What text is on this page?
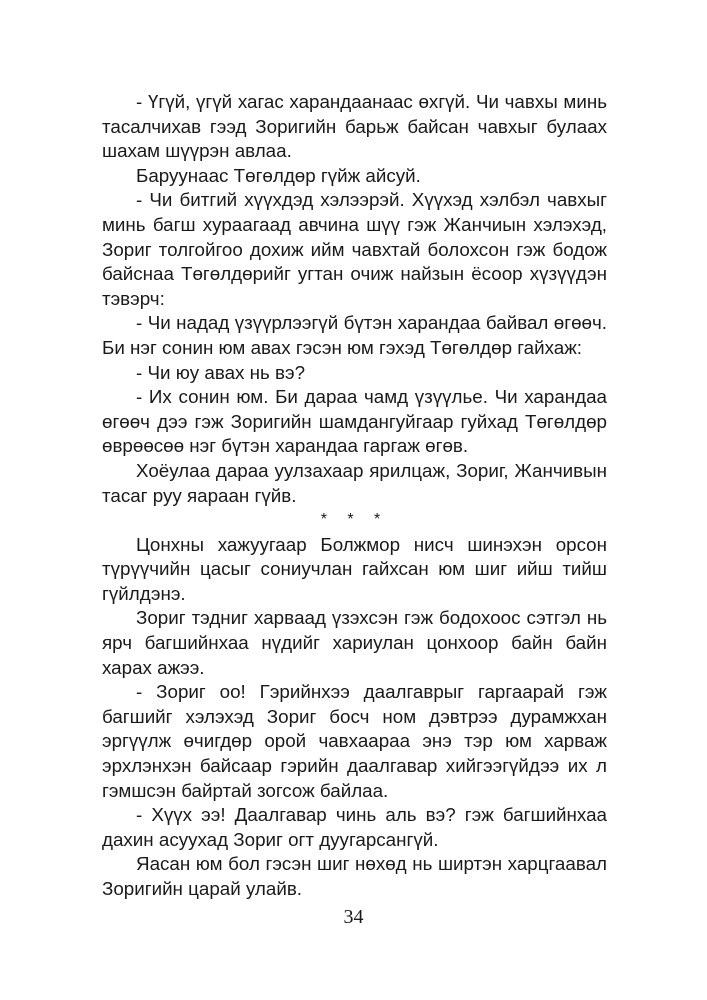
- Үгүй, үгүй хагас харандаанаас өхгүй. Чи чавхы минь тасалчихав гээд Зоригийн барьж байсан чавхыг булаах шахам шүүрэн авлаа.

Баруунаас Төгөлдөр гүйж айсуй.

- Чи битгий хүүхдэд хэлээрэй. Хүүхэд хэлбэл чавхыг минь багш хураагаад авчина шүү гэж Жанчиын хэлэхэд, Зориг толгойгоо дохиж ийм чавхтай болохсон гэж бодож байснаа Төгөлдөрийг угтан очиж найзын ёсоор хүзүүдэн тэвэрч:

- Чи надад үзүүрлээгүй бүтэн харандаа байвал өгөөч. Би нэг сонин юм авах гэсэн юм гэхэд Төгөлдөр гайхаж:

- Чи юу авах нь вэ?

- Их сонин юм. Би дараа чамд үзүүлье. Чи харандаа өгөөч дээ гэж Зоригийн шамдангуйгаар гуйхад Төгөлдөр өврөөсөө нэг бүтэн харандаа гаргаж өгөв.

Хоёулаа дараа уулзахаар ярилцаж, Зориг, Жанчивын тасаг руу яараан гүйв.

* * *

Цонхны хажуугаар Болжмор нисч шинэхэн орсон түрүүчийн цасыг сониучлан гайхсан юм шиг ийш тийш гүйлдэнэ.

Зориг тэдниг харвaад үзэхсэн гэж бодохоос сэтгэл нь ярч багшийнхаа нүдийг хариулан цонхоор байн байн харах ажээ.

- Зориг оо! Гэрийнхээ даалгаврыг гаргаарай гэж багшийг хэлэхэд Зориг босч ном дэвтрээ дурамжхан эргүүлж өчигдөр орой чавхаараа энэ тэр юм харваж эрхлэнхэн байсаар гэрийн даалгавар хийгээгүйдээ их л гэмшсэн байртай зогсож байлаа.

- Хүүх ээ! Даалгавар чинь аль вэ? гэж багшийнхаа дахин асуухад Зориг огт дуугарсангүй.

Яасан юм бол гэсэн шиг нөхөд нь ширтэн харцгаавал Зоригийн царай улайв.

34
